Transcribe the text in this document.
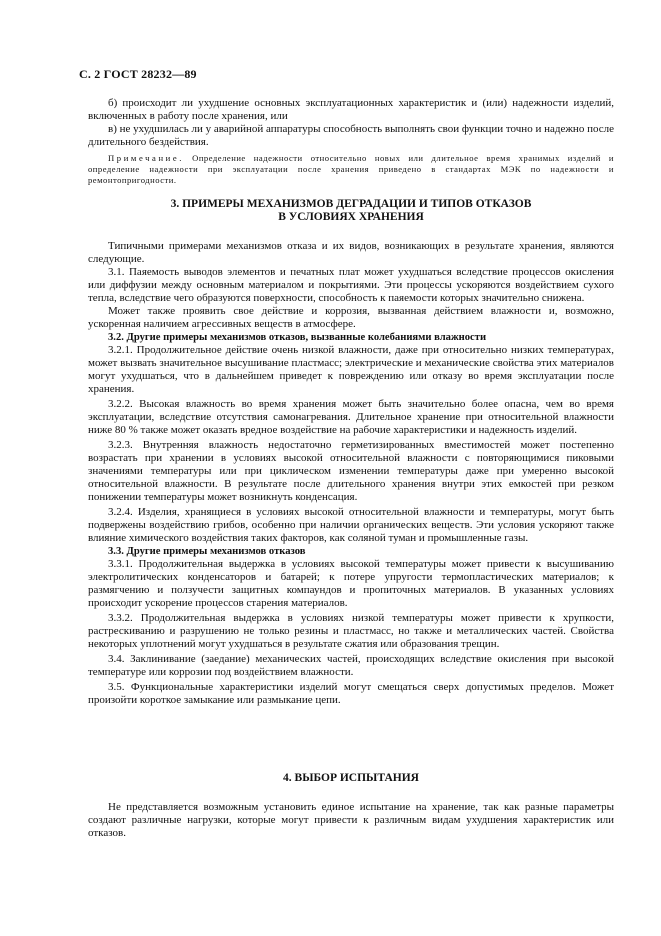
С. 2 ГОСТ 28232—89

б) происходит ли ухудшение основных эксплуатационных характеристик и (или) надежности изделий, включенных в работу после хранения, или

в) не ухудшилась ли у аварийной аппаратуры способность выполнять свои функции точно и надежно после длительного бездействия.

Примечание. Определение надежности относительно новых или длительное время хранимых изделий и определение надежности при эксплуатации после хранения приведено в стандартах МЭК по надежности и ремонтопригодности.

3. ПРИМЕРЫ МЕХАНИЗМОВ ДЕГРАДАЦИИ И ТИПОВ ОТКАЗОВ

В УСЛОВИЯХ ХРАНЕНИЯ

Типичными примерами механизмов отказа и их видов, возникающих в результате хранения, являются следующие.

3.1. Паяемость выводов элементов и печатных плат может ухудшаться вследствие процессов окисления или диффузии между основным материалом и покрытиями. Эти процессы ускоряются воздействием сухого тепла, вследствие чего образуются поверхности, способность к паяемости которых значительно снижена.

Может также проявить свое действие и коррозия, вызванная действием влажности и, возможно, ускоренная наличием агрессивных веществ в атмосфере.

3.2. Другие примеры механизмов отказов, вызванные колебаниями влажности

3.2.1. Продолжительное действие очень низкой влажности, даже при относительно низких температурах, может вызвать значительное высушивание пластмасс; электрические и механические свойства этих материалов могут ухудшаться, что в дальнейшем приведет к повреждению или отказу во время эксплуатации после хранения.

3.2.2. Высокая влажность во время хранения может быть значительно более опасна, чем во время эксплуатации, вследствие отсутствия самонагревания. Длительное хранение при относительной влажности ниже 80 % также может оказать вредное воздействие на рабочие характеристики и надежность изделий.

3.2.3. Внутренняя влажность недостаточно герметизированных вместимостей может постепенно возрастать при хранении в условиях высокой относительной влажности с повторяющимися пиковыми значениями температуры или при циклическом изменении температуры даже при умеренно высокой относительной влажности. В результате после длительного хранения внутри этих емкостей при резком понижении температуры может возникнуть конденсация.

3.2.4. Изделия, хранящиеся в условиях высокой относительной влажности и температуры, могут быть подвержены воздействию грибов, особенно при наличии органических веществ. Эти условия ускоряют также влияние химического воздействия таких факторов, как соляной туман и промышленные газы.

3.3. Другие примеры механизмов отказов

3.3.1. Продолжительная выдержка в условиях высокой температуры может привести к высушиванию электролитических конденсаторов и батарей; к потере упругости термопластических материалов; к размягчению и ползучести защитных компаундов и пропиточных материалов. В указанных условиях происходит ускорение процессов старения материалов.

3.3.2. Продолжительная выдержка в условиях низкой температуры может привести к хрупкости, растрескиванию и разрушению не только резины и пластмасс, но также и металлических частей. Свойства некоторых уплотнений могут ухудшаться в результате сжатия или образования трещин.

3.4. Заклинивание (заедание) механических частей, происходящих вследствие окисления при высокой температуре или коррозии под воздействием влажности.

3.5. Функциональные характеристики изделий могут смещаться сверх допустимых пределов. Может произойти короткое замыкание или размыкание цепи.

4. ВЫБОР ИСПЫТАНИЯ

Не представляется возможным установить единое испытание на хранение, так как разные параметры создают различные нагрузки, которые могут привести к различным видам ухудшения характеристик или отказов.
